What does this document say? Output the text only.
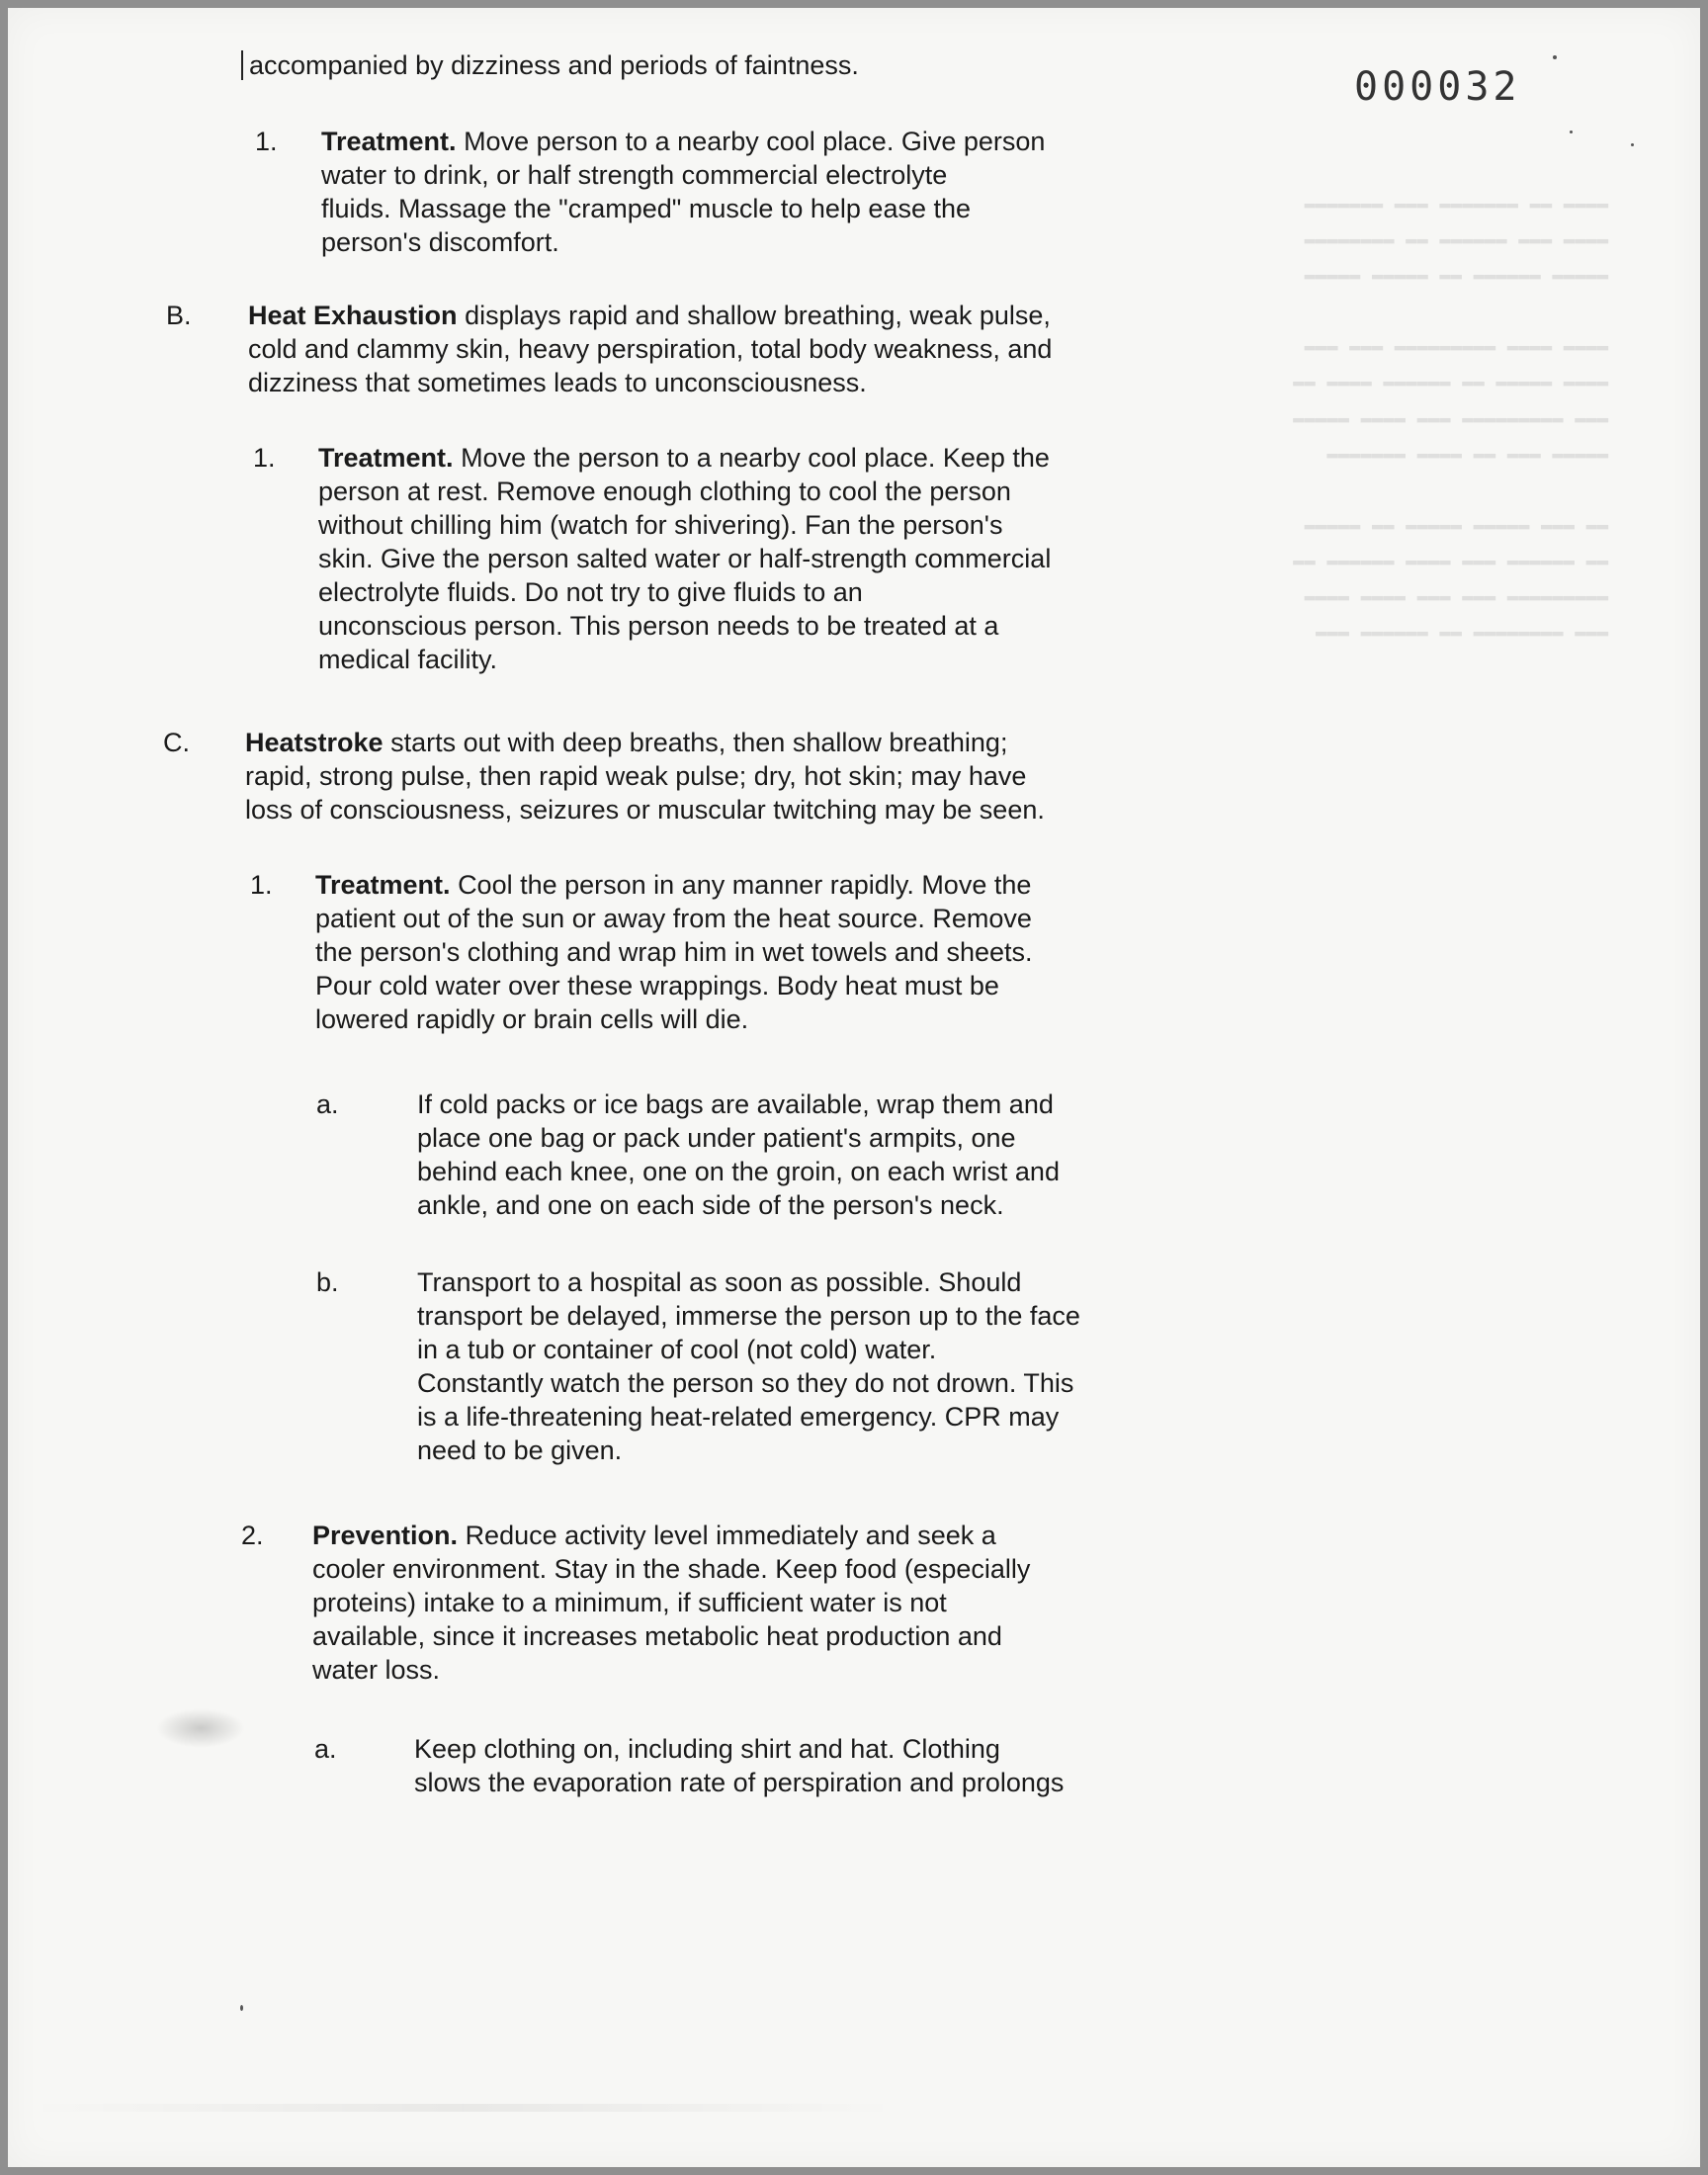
▬▬▬▬ ▬▬ ▬▬▬▬▬▬▬ ▬▬▬ ▬▬▬▬▬▬▬
▬▬▬▬ ▬▬▬ ▬▬▬▬▬▬ ▬▬ ▬▬▬▬▬▬▬▬
▬▬▬▬▬ ▬▬▬▬▬▬ ▬▬ ▬▬▬▬▬ ▬▬▬▬▬

▬▬▬▬ ▬▬▬▬ ▬▬▬▬▬▬▬▬▬ ▬▬▬ ▬▬▬
▬▬▬▬ ▬▬▬▬▬ ▬▬ ▬▬▬▬▬▬ ▬▬▬▬ ▬▬
▬▬▬ ▬▬▬▬▬▬▬▬▬ ▬▬▬ ▬▬▬▬ ▬▬▬▬▬
▬▬▬▬▬ ▬▬▬ ▬▬ ▬▬▬▬ ▬▬▬▬▬▬▬

▬▬ ▬▬▬ ▬▬▬▬▬ ▬▬▬▬▬ ▬▬ ▬▬▬▬▬
▬▬ ▬▬▬▬▬▬ ▬▬▬ ▬▬▬▬ ▬▬▬▬▬▬ ▬▬
▬▬▬▬▬▬▬▬▬ ▬▬▬ ▬▬▬ ▬▬▬▬ ▬▬▬▬
▬▬▬ ▬▬▬▬▬▬▬▬ ▬▬ ▬▬▬▬▬▬ ▬▬▬
000032
accompanied by dizziness and periods of faintness.
1. Treatment. Move person to a nearby cool place. Give person
water to drink, or half strength commercial electrolyte
fluids. Massage the "cramped" muscle to help ease the
person's discomfort.
B. Heat Exhaustion displays rapid and shallow breathing, weak pulse,
cold and clammy skin, heavy perspiration, total body weakness, and
dizziness that sometimes leads to unconsciousness.
1. Treatment. Move the person to a nearby cool place. Keep the
person at rest. Remove enough clothing to cool the person
without chilling him (watch for shivering). Fan the person's
skin. Give the person salted water or half-strength commercial
electrolyte fluids. Do not try to give fluids to an
unconscious person. This person needs to be treated at a
medical facility.
C. Heatstroke starts out with deep breaths, then shallow breathing;
rapid, strong pulse, then rapid weak pulse; dry, hot skin; may have
loss of consciousness, seizures or muscular twitching may be seen.
1. Treatment. Cool the person in any manner rapidly. Move the
patient out of the sun or away from the heat source. Remove
the person's clothing and wrap him in wet towels and sheets.
Pour cold water over these wrappings. Body heat must be
lowered rapidly or brain cells will die.
a.	If cold packs or ice bags are available, wrap them and
place one bag or pack under patient's armpits, one
behind each knee, one on the groin, on each wrist and
ankle, and one on each side of the person's neck.
b.	Transport to a hospital as soon as possible. Should
transport be delayed, immerse the person up to the face
in a tub or container of cool (not cold) water.
Constantly watch the person so they do not drown. This
is a life-threatening heat-related emergency. CPR may
need to be given.
2. Prevention. Reduce activity level immediately and seek a
cooler environment. Stay in the shade. Keep food (especially
proteins) intake to a minimum, if sufficient water is not
available, since it increases metabolic heat production and
water loss.
a.	Keep clothing on, including shirt and hat. Clothing
slows the evaporation rate of perspiration and prolongs
